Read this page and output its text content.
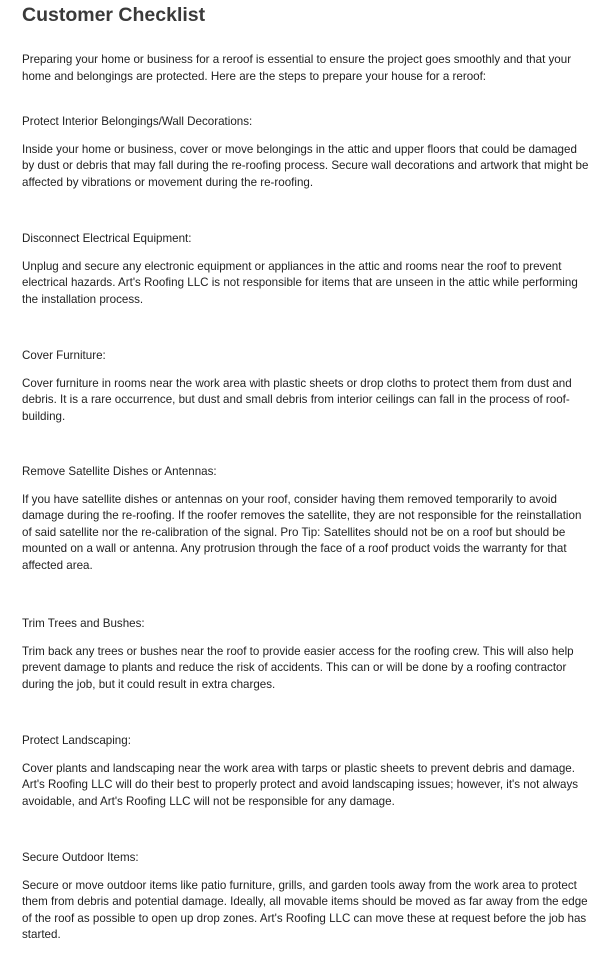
Customer Checklist

Preparing your home or business for a reroof is essential to ensure the project goes smoothly and that your home and belongings are protected. Here are the steps to prepare your house for a reroof:

Protect Interior Belongings/Wall Decorations:

Inside your home or business, cover or move belongings in the attic and upper floors that could be damaged by dust or debris that may fall during the re-roofing process. Secure wall decorations and artwork that might be affected by vibrations or movement during the re-roofing.

Disconnect Electrical Equipment:

Unplug and secure any electronic equipment or appliances in the attic and rooms near the roof to prevent electrical hazards. Art's Roofing LLC is not responsible for items that are unseen in the attic while performing the installation process.

Cover Furniture:

Cover furniture in rooms near the work area with plastic sheets or drop cloths to protect them from dust and debris. It is a rare occurrence, but dust and small debris from interior ceilings can fall in the process of roof-building.

Remove Satellite Dishes or Antennas:

If you have satellite dishes or antennas on your roof, consider having them removed temporarily to avoid damage during the re-roofing. If the roofer removes the satellite, they are not responsible for the reinstallation of said satellite nor the re-calibration of the signal. Pro Tip: Satellites should not be on a roof but should be mounted on a wall or antenna. Any protrusion through the face of a roof product voids the warranty for that affected area.

Trim Trees and Bushes:

Trim back any trees or bushes near the roof to provide easier access for the roofing crew. This will also help prevent damage to plants and reduce the risk of accidents. This can or will be done by a roofing contractor during the job, but it could result in extra charges.

Protect Landscaping:

Cover plants and landscaping near the work area with tarps or plastic sheets to prevent debris and damage. Art's Roofing LLC will do their best to properly protect and avoid landscaping issues; however, it's not always avoidable, and Art's Roofing LLC will not be responsible for any damage.

Secure Outdoor Items:

Secure or move outdoor items like patio furniture, grills, and garden tools away from the work area to protect them from debris and potential damage. Ideally, all movable items should be moved as far away from the edge of the roof as possible to open up drop zones. Art's Roofing LLC can move these at request before the job has started.
